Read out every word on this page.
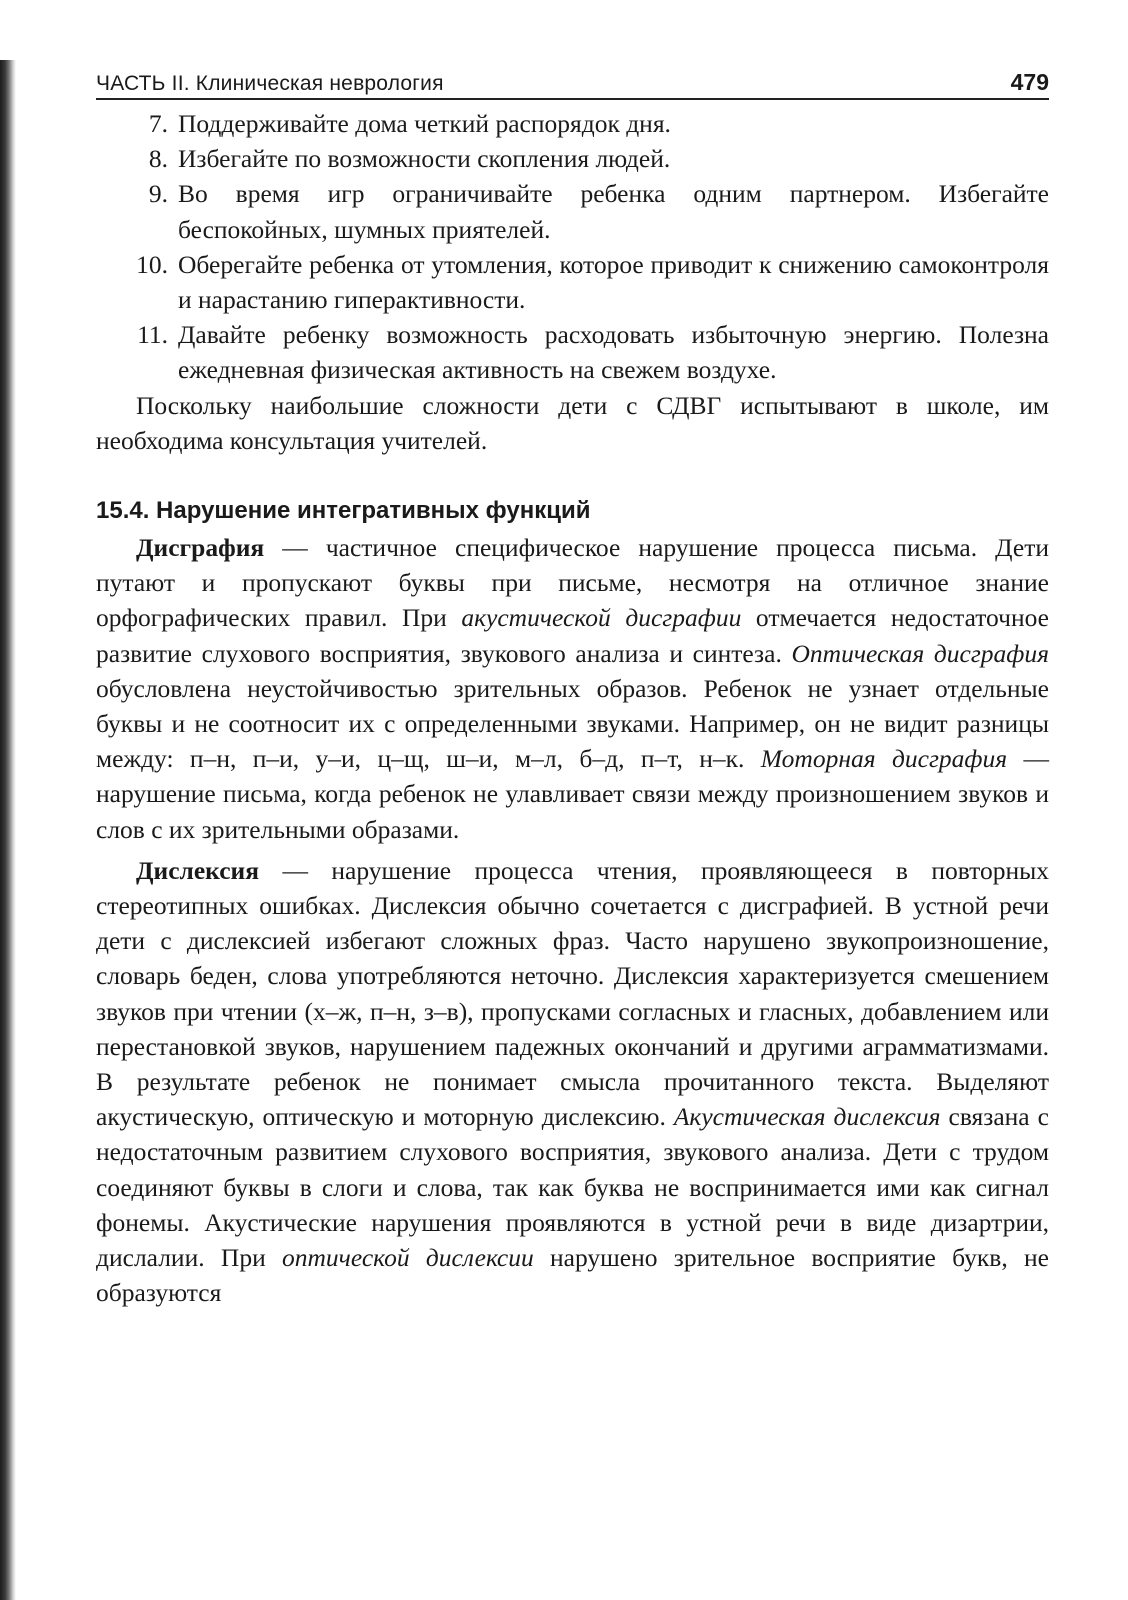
ЧАСТЬ II. Клиническая неврология	479
7. Поддерживайте дома четкий распорядок дня.
8. Избегайте по возможности скопления людей.
9. Во время игр ограничивайте ребенка одним партнером. Избегайте беспокойных, шумных приятелей.
10. Оберегайте ребенка от утомления, которое приводит к снижению самоконтроля и нарастанию гиперактивности.
11. Давайте ребенку возможность расходовать избыточную энергию. Полезна ежедневная физическая активность на свежем воздухе.

Поскольку наибольшие сложности дети с СДВГ испытывают в школе, им необходима консультация учителей.

15.4. Нарушение интегративных функций

Дисграфия — частичное специфическое нарушение процесса письма. Дети путают и пропускают буквы при письме, несмотря на отличное знание орфографических правил. При акустической дисграфии отмечается недостаточное развитие слухового восприятия, звукового анализа и синтеза. Оптическая дисграфия обусловлена неустойчивостью зрительных образов. Ребенок не узнает отдельные буквы и не соотносит их с определенными звуками. Например, он не видит разницы между: п–н, п–и, у–и, ц–щ, ш–и, м–л, б–д, п–т, н–к. Моторная дисграфия — нарушение письма, когда ребенок не улавливает связи между произношением звуков и слов с их зрительными образами.

Дислексия — нарушение процесса чтения, проявляющееся в повторных стереотипных ошибках. Дислексия обычно сочетается с дисграфией. В устной речи дети с дислексией избегают сложных фраз. Часто нарушено звукопроизношение, словарь беден, слова употребляются неточно. Дислексия характеризуется смешением звуков при чтении (х–ж, п–н, з–в), пропусками согласных и гласных, добавлением или перестановкой звуков, нарушением падежных окончаний и другими аграмматизмами. В результате ребенок не понимает смысла прочитанного текста. Выделяют акустическую, оптическую и моторную дислексию. Акустическая дислексия связана с недостаточным развитием слухового восприятия, звукового анализа. Дети с трудом соединяют буквы в слоги и слова, так как буква не воспринимается ими как сигнал фонемы. Акустические нарушения проявляются в устной речи в виде дизартрии, дислалии. При оптической дислексии нарушено зрительное восприятие букв, не образуются
